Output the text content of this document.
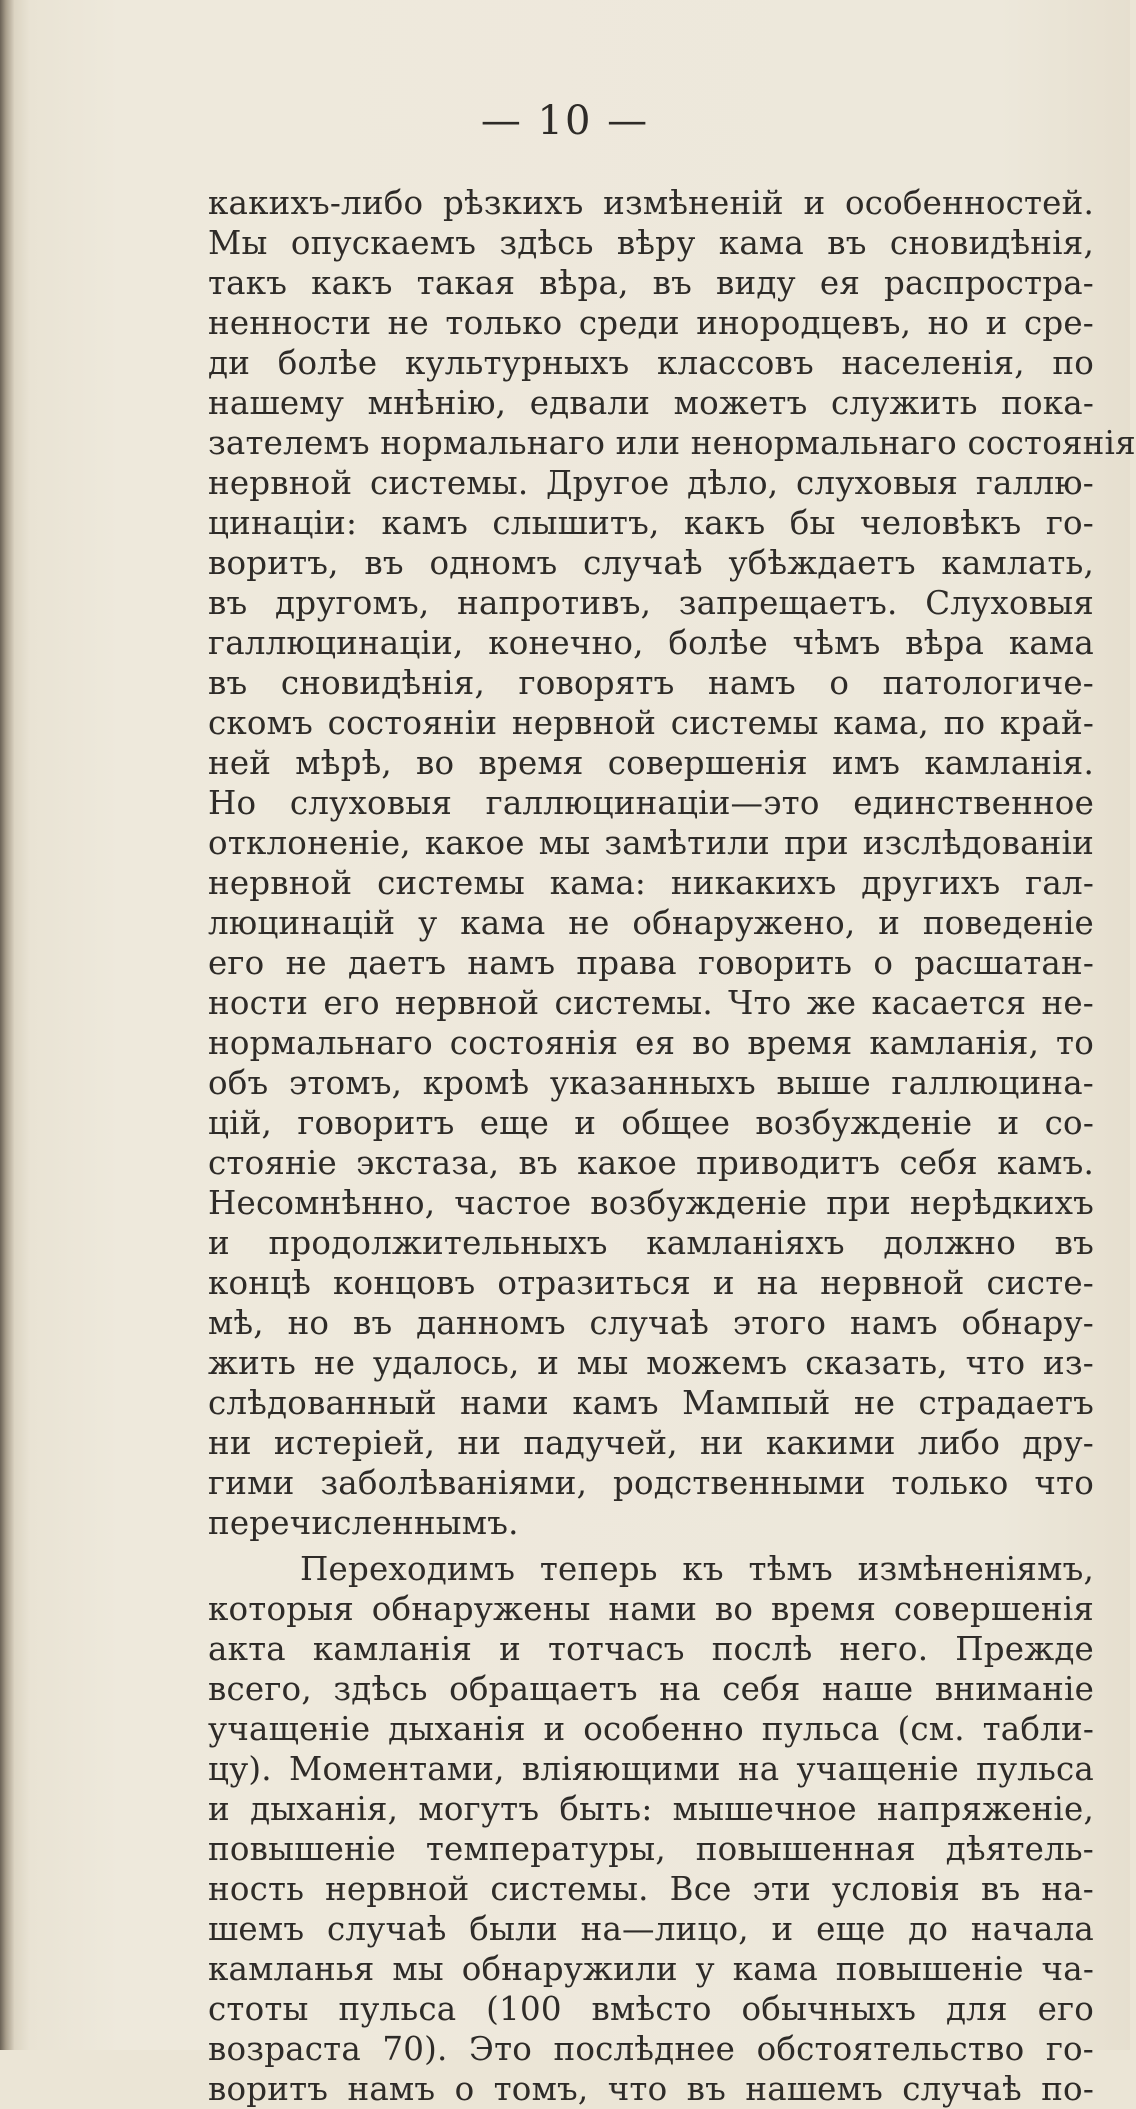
— 10 —
какихъ-либо рѣзкихъ измѣненій и особенностей.
Мы опускаемъ здѣсь вѣру кама въ сновидѣнія,
такъ какъ такая вѣра, въ виду ея распростра-
ненности не только среди инородцевъ, но и сре-
ди болѣе культурныхъ классовъ населенія, по
нашему мнѣнію, едвали можетъ служить пока-
зателемъ нормальнаго или ненормальнаго состоянія
нервной системы. Другое дѣло, слуховыя галлю-
цинаціи: камъ слышитъ, какъ бы человѣкъ го-
воритъ, въ одномъ случаѣ убѣждаетъ камлать,
въ другомъ, напротивъ, запрещаетъ. Слуховыя
галлюцинаціи, конечно, болѣе чѣмъ вѣра кама
въ сновидѣнія, говорятъ намъ о патологиче-
скомъ состояніи нервной системы кама, по край-
ней мѣрѣ, во время совершенія имъ камланія.
Но слуховыя галлюцинаціи—это единственное
отклоненіе, какое мы замѣтили при изслѣдованіи
нервной системы кама: никакихъ другихъ гал-
люцинацій у кама не обнаружено, и поведеніе
его не даетъ намъ права говорить о расшатан-
ности его нервной системы. Что же касается не-
нормальнаго состоянія ея во время камланія, то
объ этомъ, кромѣ указанныхъ выше галлюцина-
цій, говоритъ еще и общее возбужденіе и со-
стояніе экстаза, въ какое приводитъ себя камъ.
Несомнѣнно, частое возбужденіе при нерѣдкихъ
и продолжительныхъ камланіяхъ должно въ
концѣ концовъ отразиться и на нервной систе-
мѣ, но въ данномъ случаѣ этого намъ обнару-
жить не удалось, и мы можемъ сказать, что из-
слѣдованный нами камъ Мампый не страдаетъ
ни истеріей, ни падучей, ни какими либо дру-
гими заболѣваніями, родственными только что
перечисленнымъ.
Переходимъ теперь къ тѣмъ измѣненіямъ,
которыя обнаружены нами во время совершенія
акта камланія и тотчасъ послѣ него. Прежде
всего, здѣсь обращаетъ на себя наше вниманіе
учащеніе дыханія и особенно пульса (см. табли-
цу). Моментами, вліяющими на учащеніе пульса
и дыханія, могутъ быть: мышечное напряженіе,
повышеніе температуры, повышенная дѣятель-
ность нервной системы. Все эти условія въ на-
шемъ случаѣ были на—лицо, и еще до начала
камланья мы обнаружили у кама повышеніе ча-
стоты пульса (100 вмѣсто обычныхъ для его
возраста 70). Это послѣднее обстоятельство го-
воритъ намъ о томъ, что въ нашемъ случаѣ по-
